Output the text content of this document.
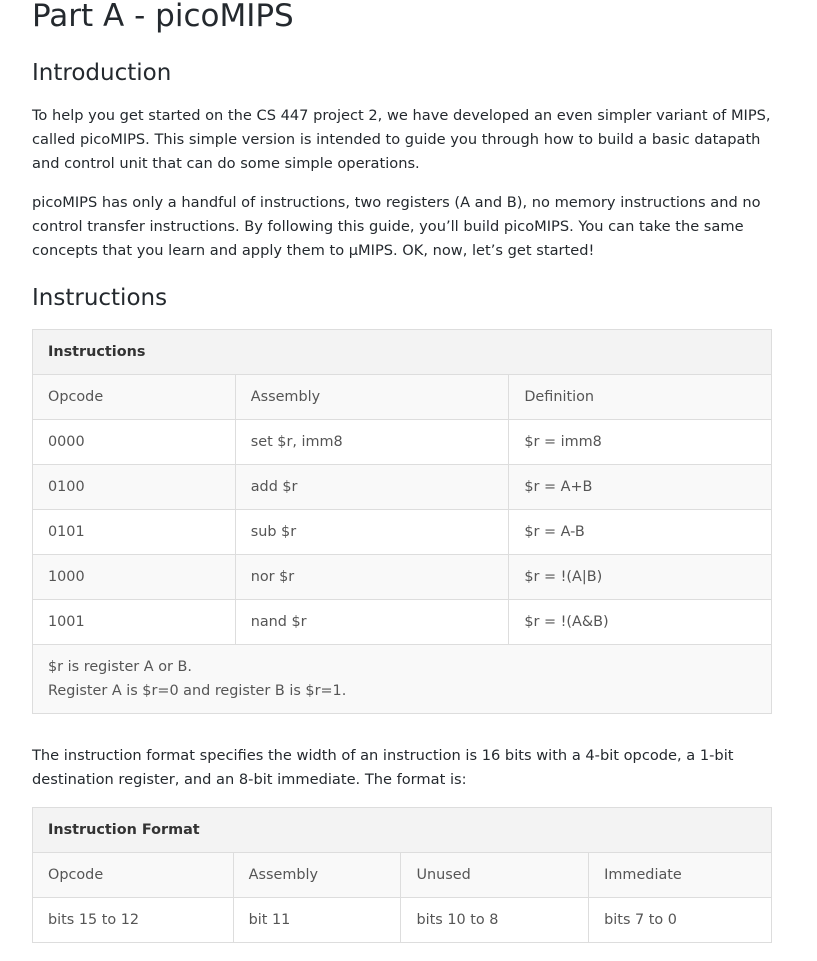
Part A - picoMIPS
Introduction

To help you get started on the CS 447 project 2, we have developed an even simpler variant of MIPS, called picoMIPS. This simple version is intended to guide you through how to build a basic datapath and control unit that can do some simple operations.

picoMIPS has only a handful of instructions, two registers (A and B), no memory instructions and no control transfer instructions. By following this guide, you’ll build picoMIPS. You can take the same concepts that you learn and apply them to µMIPS. OK, now, let’s get started!

Instructions
Instructions		
Opcode	Assembly	Definition
0000	set $r, imm8	$r = imm8
0100	add $r	$r = A+B
0101	sub $r	$r = A-B
1000	nor $r	$r = !(A|B)
1001	nand $r	$r = !(A&B)

$r is register A or B.
Register A is $r=0 and register B is $r=1.		

The instruction format specifies the width of an instruction is 16 bits with a 4-bit opcode, a 1-bit destination register, and an 8-bit immediate. The format is:

Instruction Format			
Opcode	Assembly	Unused	Immediate
bits 15 to 12	bit 11	bits 10 to 8	bits 7 to 0
